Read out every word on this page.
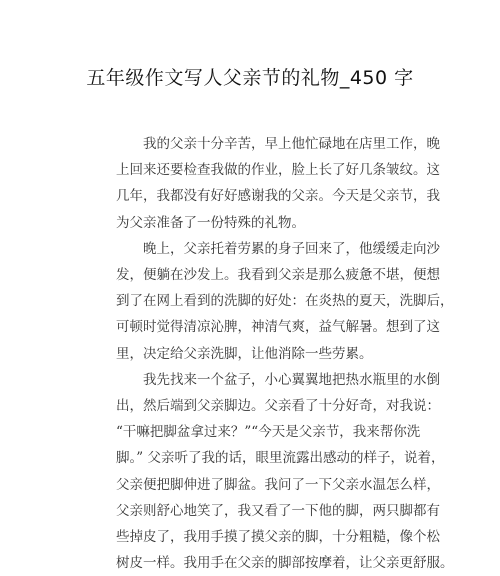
五年级作文写人父亲节的礼物_450 字
我的父亲十分辛苦，早上他忙碌地在店里工作，晚
上回来还要检查我做的作业，脸上长了好几条皱纹。这
几年，我都没有好好感谢我的父亲。今天是父亲节，我
为父亲准备了一份特殊的礼物。
晚上，父亲托着劳累的身子回来了，他缓缓走向沙
发，便躺在沙发上。我看到父亲是那么疲惫不堪，便想
到了在网上看到的洗脚的好处：在炎热的夏天，洗脚后，
可顿时觉得清凉沁脾，神清气爽，益气解暑。想到了这
里，决定给父亲洗脚，让他消除一些劳累。
我先找来一个盆子，小心翼翼地把热水瓶里的水倒
出，然后端到父亲脚边。父亲看了十分好奇，对我说：
“干嘛把脚盆拿过来？”“今天是父亲节，我来帮你洗
脚。” 父亲听了我的话，眼里流露出感动的样子，说着，
父亲便把脚伸进了脚盆。我问了一下父亲水温怎么样，
父亲则舒心地笑了，我又看了一下他的脚，两只脚都有
些掉皮了，我用手摸了摸父亲的脚，十分粗糙，像个松
树皮一样。我用手在父亲的脚部按摩着，让父亲更舒服。
